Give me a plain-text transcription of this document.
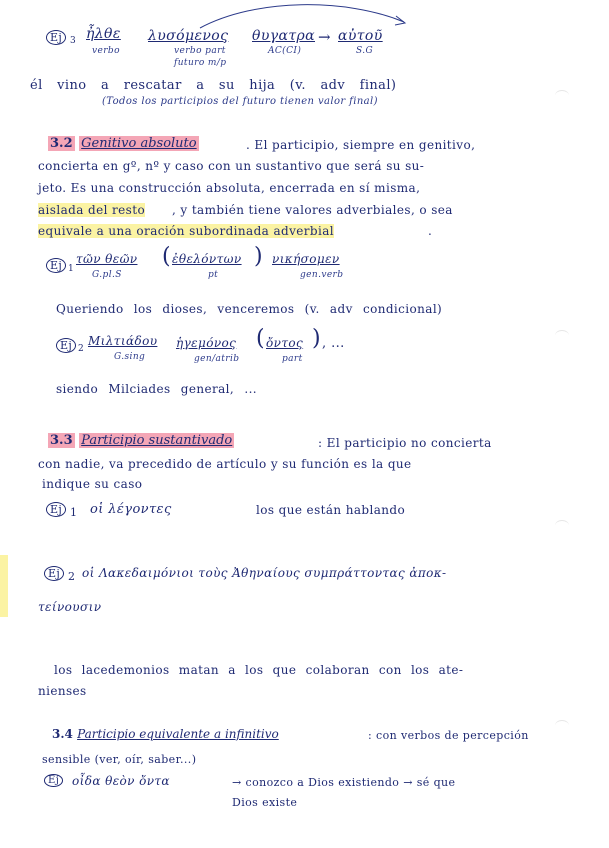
Ej 3 ἦλθε
verbo
λυσόμενος
verbo part
futuro m/p
θυγατρα
AC(CI)
→ αὐτοῦ
S.G
él vino a rescatar a su hija (v. adv final)
(Todos los participios del futuro tienen valor final)
3.2 Genitivo absoluto	. El participio, siempre en genitivo,
concierta en gº, nº y caso con un sustantivo que será su su-
jeto. Es una construcción absoluta, encerrada en sí misma,
aislada del resto , y también tiene valores adverbiales, o sea
equivale a una oración subordinada adverbial	.
Ej 1
τῶν θεῶν
G.pl.S
( ἐθελόντων )
pt
νικήσομεν
gen.verb
Queriendo los dioses, venceremos (v. adv condicional)
Ej 2
Μιλτιάδου
G.sing
ἡγεμόνος
gen/atrib
( ὄντος )
part
, ...
siendo Milciades general, ...
3.3 Participio sustantivado	: El participio no concierta
con nadie, va precedido de artículo y su función es la que
indique su caso
Ej 1 οἱ λέγοντες	los que están hablando
Ej 2 οἱ Λακεδαιμόνιοι τοὺς Ἀθηναίους συμπράττοντας ἀποκ-
τείνουσιν
los lacedemonios matan a los que colaboran con los ate-
nienses
3.4 Participio equivalente a infinitivo	: con verbos de percepción
sensible (ver, oír, saber...)
Ej	οἶδα θεὸν ὄντα	→ conozco a Dios existiendo → sé que
Dios existe
